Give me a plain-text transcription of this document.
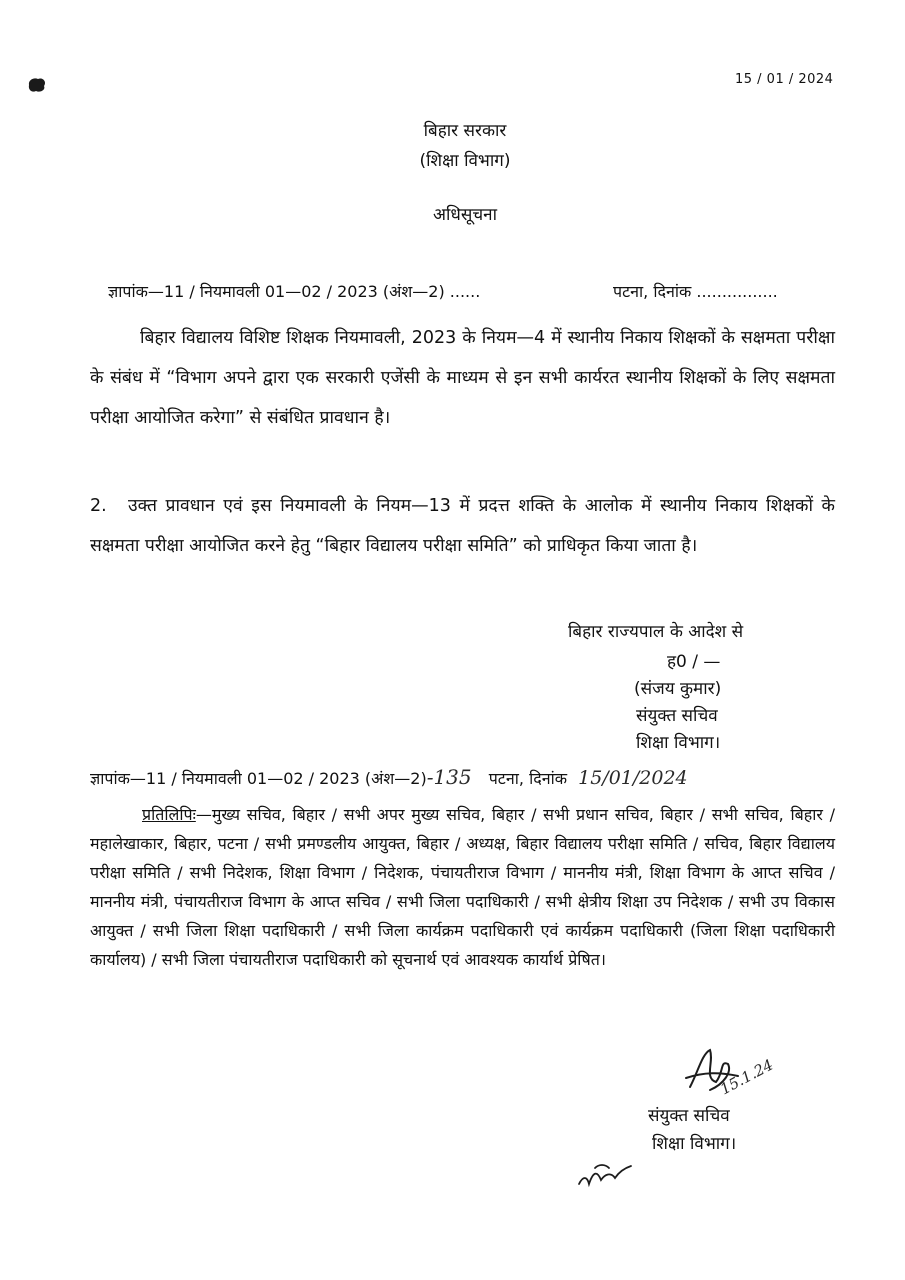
15 / 01 / 2024
बिहार सरकार
(शिक्षा विभाग)
अधिसूचना
ज्ञापांक—11 / नियमावली 01—02 / 2023 (अंश—2) ......	पटना, दिनांक ................
बिहार विद्यालय विशिष्ट शिक्षक नियमावली, 2023 के नियम—4 में स्थानीय निकाय शिक्षकों के सक्षमता परीक्षा के संबंध में “विभाग अपने द्वारा एक सरकारी एजेंसी के माध्यम से इन सभी कार्यरत स्थानीय शिक्षकों के लिए सक्षमता परीक्षा आयोजित करेगा” से संबंधित प्रावधान है।
2. उक्त प्रावधान एवं इस नियमावली के नियम—13 में प्रदत्त शक्ति के आलोक में स्थानीय निकाय शिक्षकों के सक्षमता परीक्षा आयोजित करने हेतु “बिहार विद्यालय परीक्षा समिति” को प्राधिकृत किया जाता है।
बिहार राज्यपाल के आदेश से
ह0 / —
(संजय कुमार)
संयुक्त सचिव
शिक्षा विभाग।
ज्ञापांक—11 / नियमावली 01—02 / 2023 (अंश—2)-135 पटना, दिनांक 15/01/2024
प्रतिलिपिः—मुख्य सचिव, बिहार / सभी अपर मुख्य सचिव, बिहार / सभी प्रधान सचिव, बिहार / सभी सचिव, बिहार / महालेखाकार, बिहार, पटना / सभी प्रमण्डलीय आयुक्त, बिहार / अध्यक्ष, बिहार विद्यालय परीक्षा समिति / सचिव, बिहार विद्यालय परीक्षा समिति / सभी निदेशक, शिक्षा विभाग / निदेशक, पंचायतीराज विभाग / माननीय मंत्री, शिक्षा विभाग के आप्त सचिव / माननीय मंत्री, पंचायतीराज विभाग के आप्त सचिव / सभी जिला पदाधिकारी / सभी क्षेत्रीय शिक्षा उप निदेशक / सभी उप विकास आयुक्त / सभी जिला शिक्षा पदाधिकारी / सभी जिला कार्यक्रम पदाधिकारी एवं कार्यक्रम पदाधिकारी (जिला शिक्षा पदाधिकारी कार्यालय) / सभी जिला पंचायतीराज पदाधिकारी को सूचनार्थ एवं आवश्यक कार्यार्थ प्रेषित।
15.1.24
संयुक्त सचिव
शिक्षा विभाग।
